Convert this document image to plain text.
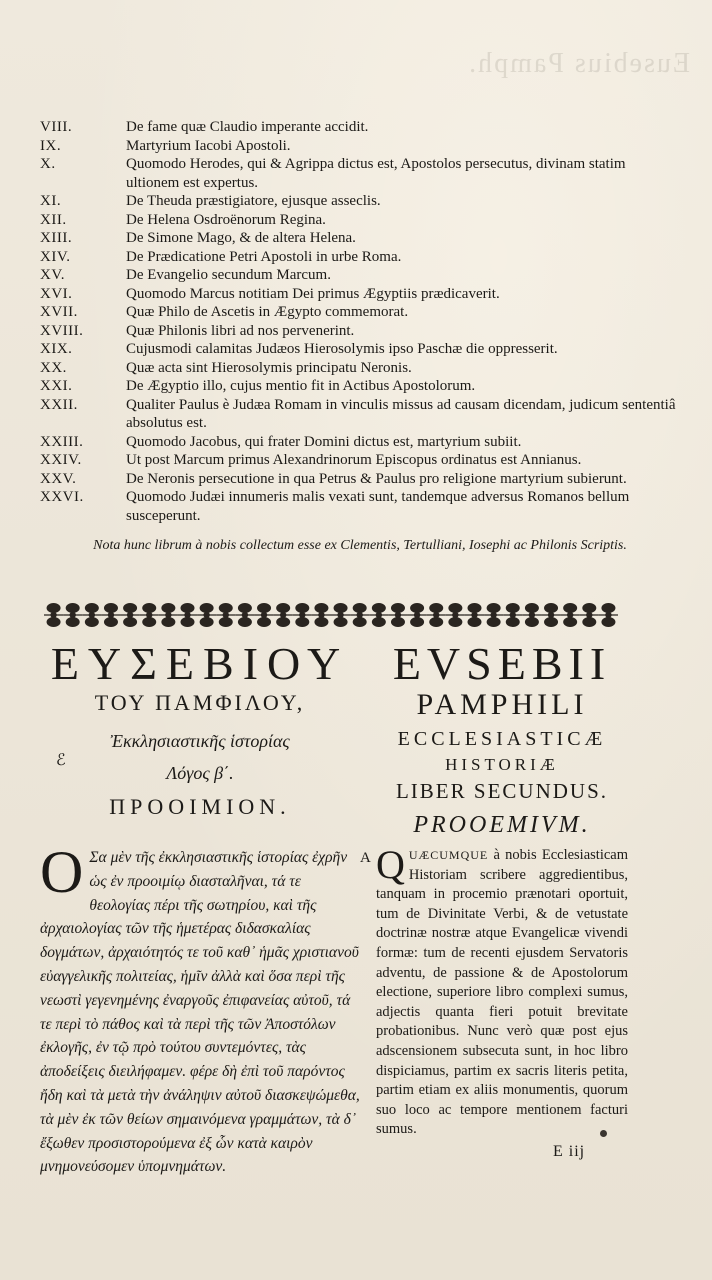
Eusebius Pamph.
VIII.	De fame quæ Claudio imperante accidit.
IX.	Martyrium Iacobi Apostoli.
X.	Quomodo Herodes, qui & Agrippa dictus est, Apostolos persecutus, divinam statim ultionem est expertus.
XI.	De Theuda præstigiatore, ejusque asseclis.
XII.	De Helena Osdroënorum Regina.
XIII.	De Simone Mago, & de altera Helena.
XIV.	De Prædicatione Petri Apostoli in urbe Roma.
XV.	De Evangelio secundum Marcum.
XVI.	Quomodo Marcus notitiam Dei primus Ægyptiis prædicaverit.
XVII.	Quæ Philo de Ascetis in Ægypto commemorat.
XVIII.	Quæ Philonis libri ad nos pervenerint.
XIX.	Cujusmodi calamitas Judæos Hierosolymis ipso Paschæ die oppresserit.
XX.	Quæ acta sint Hierosolymis principatu Neronis.
XXI.	De Ægyptio illo, cujus mentio fit in Actibus Apostolorum.
XXII.	Qualiter Paulus è Judæa Romam in vinculis missus ad causam dicendam, judicum sententiâ absolutus est.
XXIII.	Quomodo Jacobus, qui frater Domini dictus est, martyrium subiit.
XXIV.	Ut post Marcum primus Alexandrinorum Episcopus ordinatus est Annianus.
XXV.	De Neronis persecutione in qua Petrus & Paulus pro religione martyrium subierunt.
XXVI.	Quomodo Judæi innumeris malis vexati sunt, tandemque adversus Romanos bellum susceperunt.
Nota hunc librum à nobis collectum esse ex Clementis, Tertulliani, Iosephi ac Philonis Scriptis.
ΕΥΣΕΒΙΟΥ
ΤΟΥ ΠΑΜΦΙΛΟΥ,
Ἐκκλησιαστικῆς ἱστορίας
Λόγος β΄.
ΠΡΟΟΙΜΙΟΝ.
EVSEBII
PAMPHILI
ECCLESIASTICÆ
HISTORIÆ
LIBER SECUNDUS.
PROOEMIVM.
ℰ
A
Ο Σα μὲν τῆς ἐκκλησιαστικῆς ἱστορίας ἐχρῆν ὡς ἐν προοιμίῳ διασταλῆναι, τά τε θεολογίας πέρι τῆς σωτηρίου, καὶ τῆς ἀρχαιολογίας τῶν τῆς ἡμετέρας διδασκαλίας δογμάτων, ἀρχαιότητός τε τοῦ καθ᾽ ἡμᾶς χριστιανοῦ εὐαγγελικῆς πολιτείας, ἡμῖν ἀλλὰ καὶ ὅσα περὶ τῆς νεωστὶ γεγενημένης ἐναργοῦς ἐπιφανείας αὐτοῦ, τά τε περὶ τὸ πάθος καὶ τὰ περὶ τῆς τῶν Ἀποστόλων ἐκλογῆς, ἐν τῷ πρὸ τούτου συντεμόντες, τὰς ἀποδείξεις διειλήφαμεν. φέρε δὴ ἐπὶ τοῦ παρόντος ἤδη καὶ τὰ μετὰ τὴν ἀνάληψιν αὐτοῦ διασκεψώμεθα, τὰ μὲν ἐκ τῶν θείων σημαινόμενα γραμμάτων, τὰ δ᾽ ἔξωθεν προσιστορούμενα ἐξ ὧν κατὰ καιρὸν μνημονεύσομεν ὑπομνημάτων.
QUÆCUMQUE à nobis Ecclesiasticam Historiam scribere aggredientibus, tanquam in procemio prænotari oportuit, tum de Divinitate Verbi, & de vetustate doctrinæ nostræ atque Evangelicæ vivendi formæ: tum de recenti ejusdem Servatoris adventu, de passione & de Apostolorum electione, superiore libro complexi sumus, adjectis quanta fieri potuit brevitate probationibus. Nunc verò quæ post ejus adscensionem subsecuta sunt, in hoc libro dispiciamus, partim ex sacris literis petita, partim etiam ex aliis monumentis, quorum suo loco ac tempore mentionem facturi sumus.
E iij
